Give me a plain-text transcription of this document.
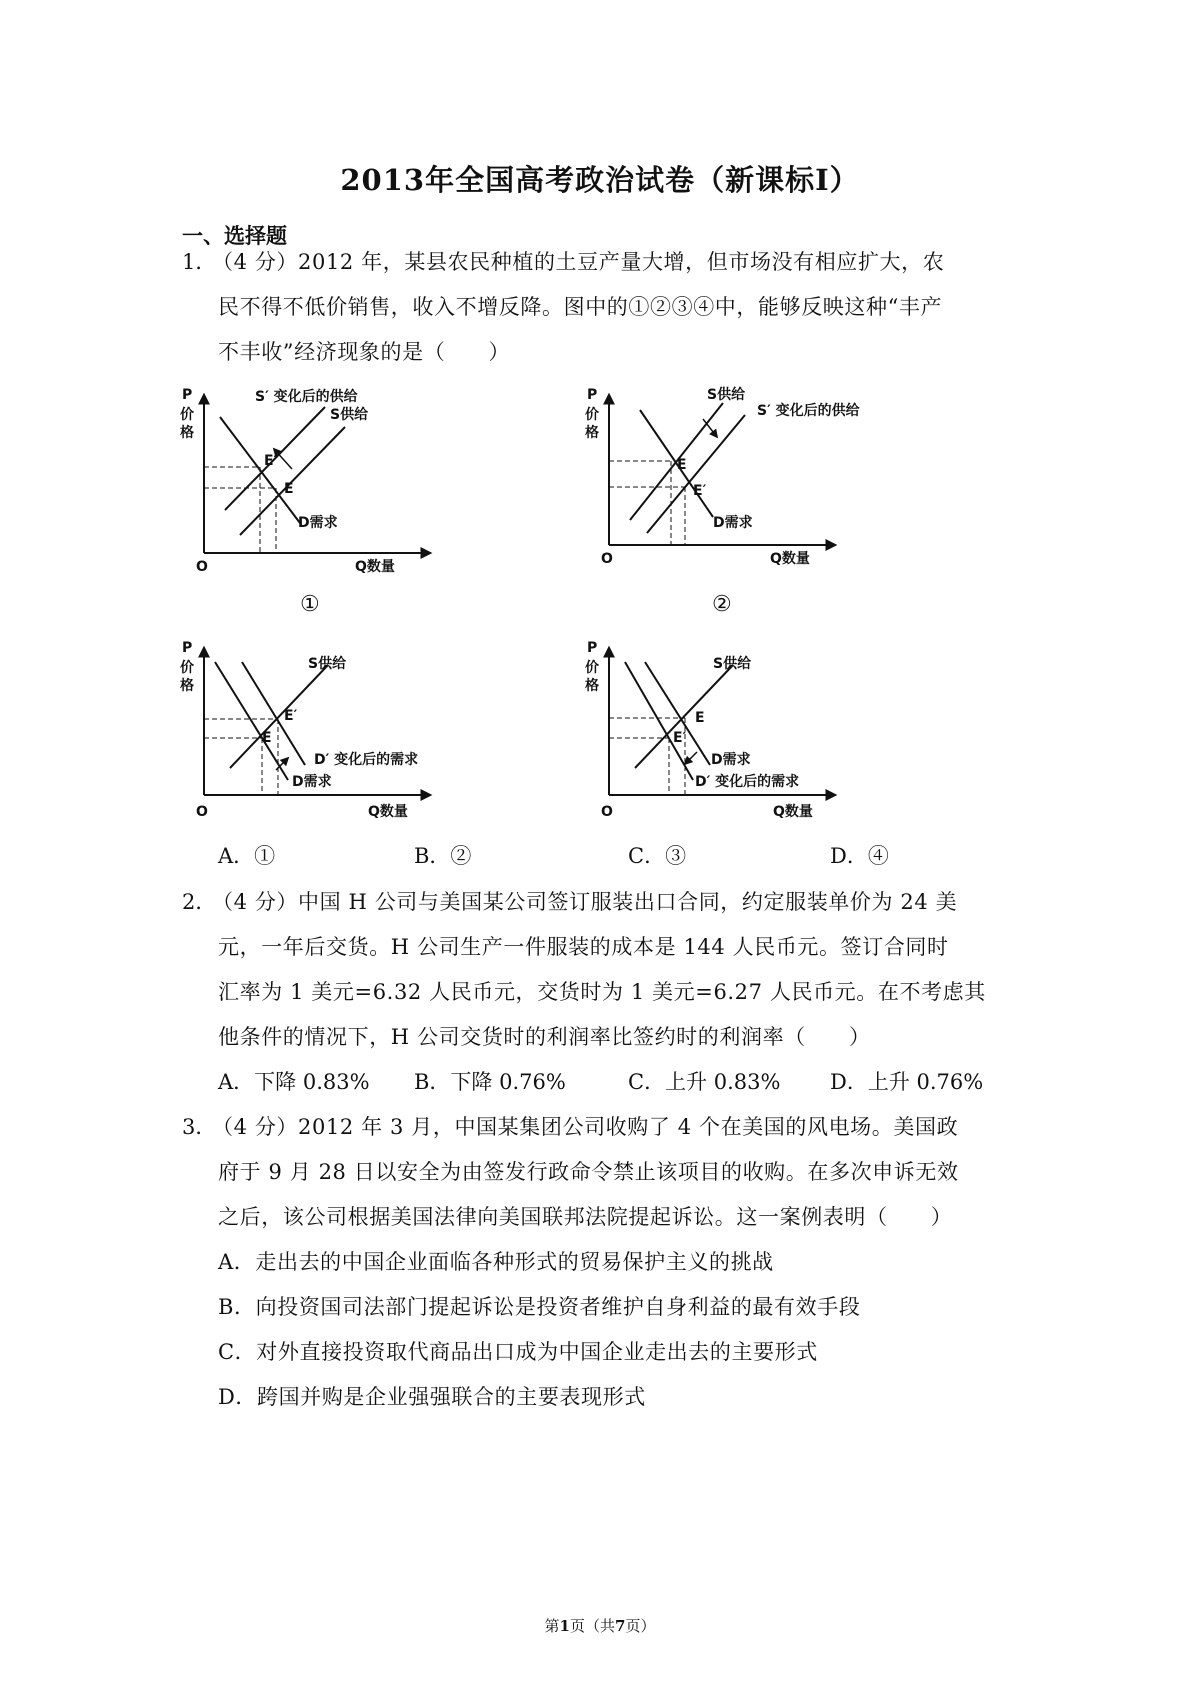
2013年全国高考政治试卷（新课标Ⅰ）
一、选择题
1．
（4 分）2012 年，某县农民种植的土豆产量大增，但市场没有相应扩大，农
民不得不低价销售，收入不增反降。图中的①②③④中，能够反映这种“丰产
不丰收”经济现象的是（　　）
P
价
格
O	Q数量
S′ 变化后的供给
S供给
E′
E
D需求
①
P
价
格
O	Q数量
S供给
S′ 变化后的供给
E
E′
D需求
②
P
价
格
O	Q数量
S供给
E′
E
D′ 变化后的需求
D需求
P
价
格
O	Q数量
S供给
E
E′
D需求
D′ 变化后的需求
A．①	B．②	C．③	D．④
2．
（4 分）中国 H 公司与美国某公司签订服装出口合同，约定服装单价为 24 美
元，一年后交货。H 公司生产一件服装的成本是 144 人民币元。签订合同时
汇率为 1 美元=6.32 人民币元，交货时为 1 美元=6.27 人民币元。在不考虑其
他条件的情况下，H 公司交货时的利润率比签约时的利润率（　　）
A．下降 0.83% B．下降 0.76%	C．上升 0.83% D．上升 0.76%
3．
（4 分）2012 年 3 月，中国某集团公司收购了 4 个在美国的风电场。美国政
府于 9 月 28 日以安全为由签发行政命令禁止该项目的收购。在多次申诉无效
之后，该公司根据美国法律向美国联邦法院提起诉讼。这一案例表明（　　）
A．走出去的中国企业面临各种形式的贸易保护主义的挑战
B．向投资国司法部门提起诉讼是投资者维护自身利益的最有效手段
C．对外直接投资取代商品出口成为中国企业走出去的主要形式
D．跨国并购是企业强强联合的主要表现形式
第1页（共7页）
